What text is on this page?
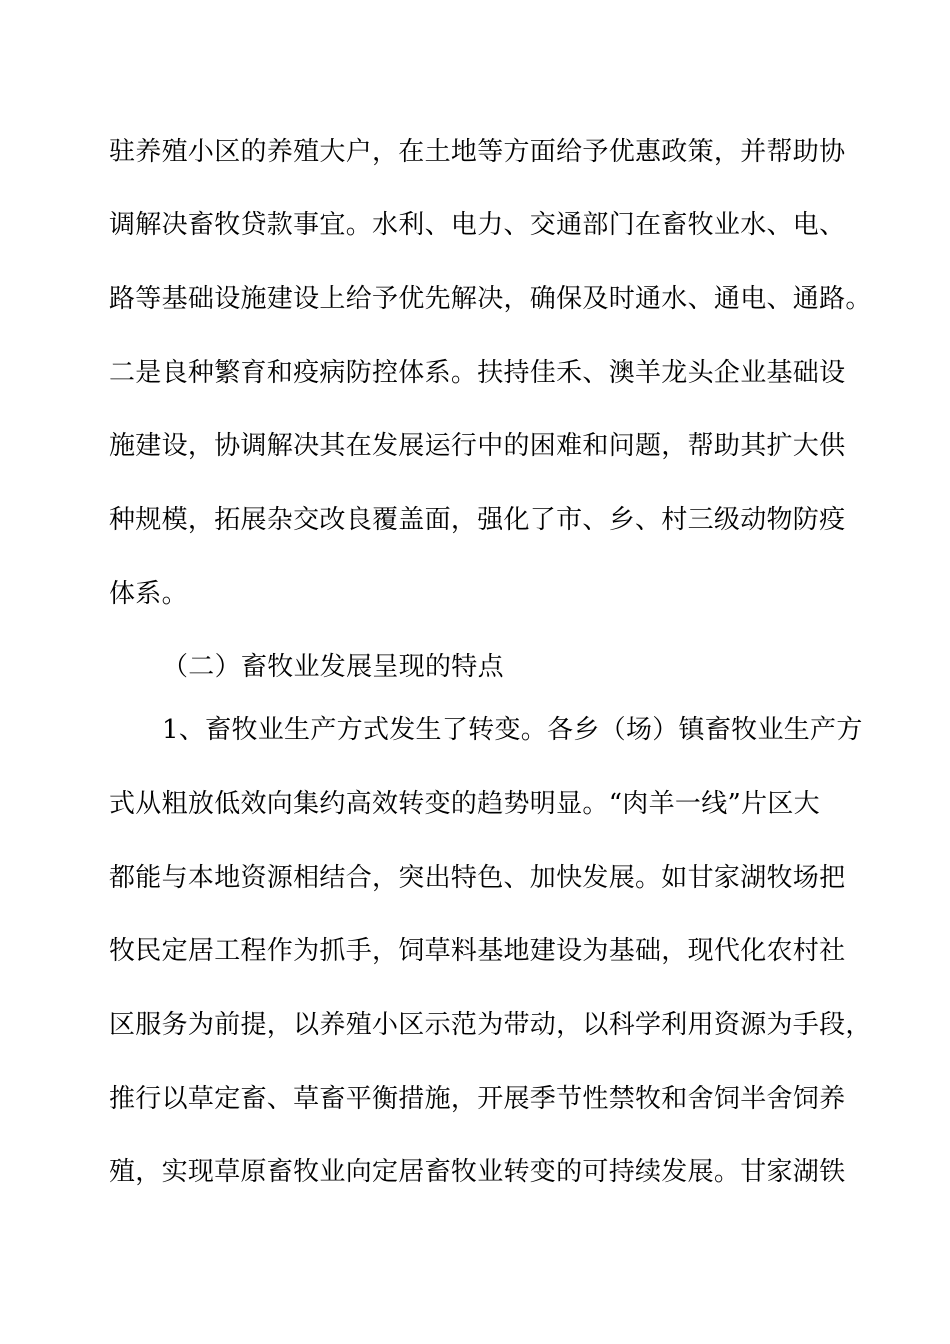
驻养殖小区的养殖大户，在土地等方面给予优惠政策，并帮助协
调解决畜牧贷款事宜。水利、电力、交通部门在畜牧业水、电、
路等基础设施建设上给予优先解决，确保及时通水、通电、通路。
二是良种繁育和疫病防控体系。扶持佳禾、澳羊龙头企业基础设
施建设，协调解决其在发展运行中的困难和问题，帮助其扩大供
种规模，拓展杂交改良覆盖面，强化了市、乡、村三级动物防疫
体系。
（二）畜牧业发展呈现的特点
1、畜牧业生产方式发生了转变。各乡（场）镇畜牧业生产方
式从粗放低效向集约高效转变的趋势明显。“肉羊一线”片区大
都能与本地资源相结合，突出特色、加快发展。如甘家湖牧场把
牧民定居工程作为抓手，饲草料基地建设为基础，现代化农村社
区服务为前提，以养殖小区示范为带动，以科学利用资源为手段，
推行以草定畜、草畜平衡措施，开展季节性禁牧和舍饲半舍饲养
殖，实现草原畜牧业向定居畜牧业转变的可持续发展。甘家湖铁
